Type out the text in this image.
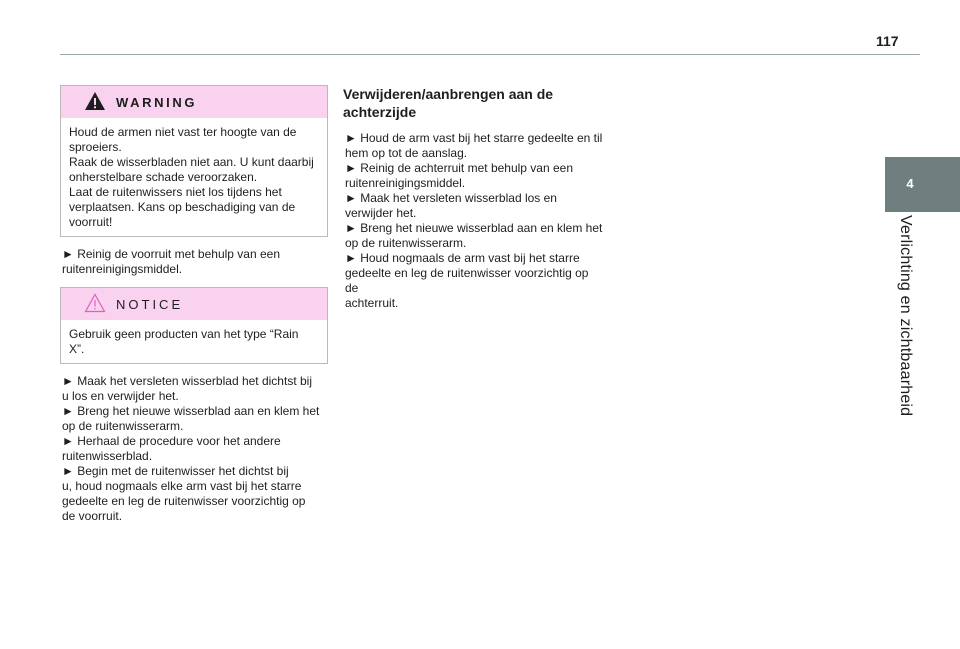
117
4
Verlichting en zichtbaarheid
WARNING

Houd de armen niet vast ter hoogte van de

sproeiers.

Raak de wisserbladen niet aan. U kunt daarbij

onherstelbare schade veroorzaken.

Laat de ruitenwissers niet los tijdens het

verplaatsen. Kans op beschadiging van de

voorruit!

► Reinig de voorruit met behulp van een

ruitenreinigingsmiddel.

NOTICE

Gebruik geen producten van het type “Rain

X”.

► Maak het versleten wisserblad het dichtst bij

u los en verwijder het.

► Breng het nieuwe wisserblad aan en klem het

op de ruitenwisserarm.

► Herhaal de procedure voor het andere

ruitenwisserblad.

► Begin met de ruitenwisser het dichtst bij

u, houd nogmaals elke arm vast bij het starre

gedeelte en leg de ruitenwisser voorzichtig op

de voorruit.

Verwijderen/aanbrengen aan de
achterzijde

► Houd de arm vast bij het starre gedeelte en til

hem op tot de aanslag.

► Reinig de achterruit met behulp van een

ruitenreinigingsmiddel.

► Maak het versleten wisserblad los en

verwijder het.

► Breng het nieuwe wisserblad aan en klem het

op de ruitenwisserarm.

► Houd nogmaals de arm vast bij het starre

gedeelte en leg de ruitenwisser voorzichtig op de

achterruit.
